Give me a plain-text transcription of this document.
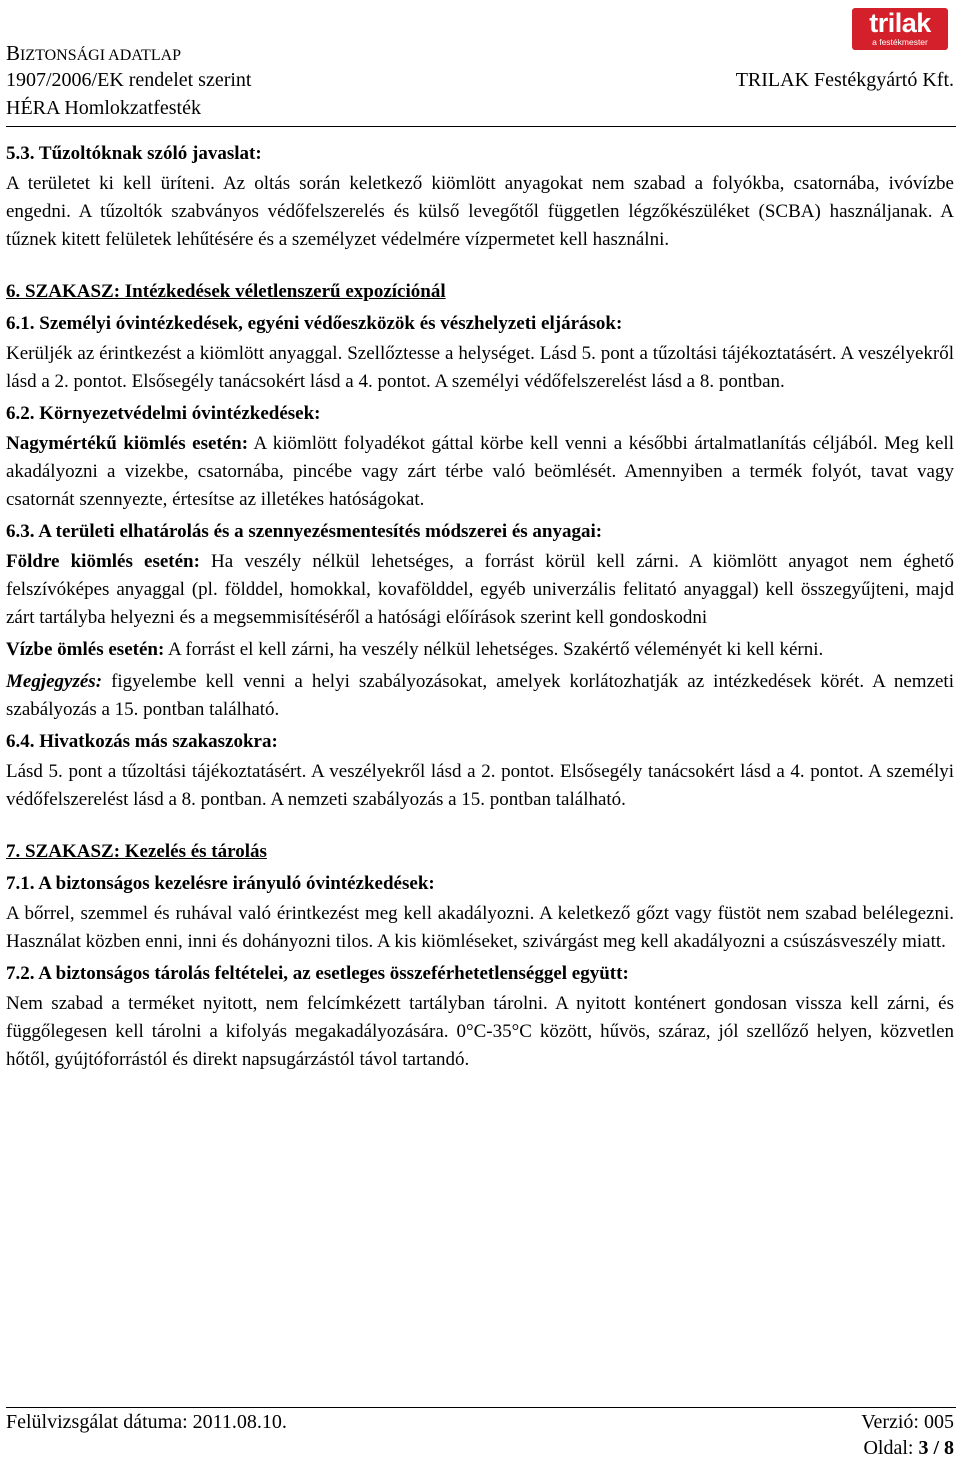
BIZTONSÁGI ADATLAP
1907/2006/EK rendelet szerint
HÉRA Homlokzatfesték
TRILAK Festékgyártó Kft.
trilak
a festékmester

5.3. Tűzoltóknak szóló javaslat:

A területet ki kell üríteni. Az oltás során keletkező kiömlött anyagokat nem szabad a folyókba, csatornába, ivóvízbe engedni. A tűzoltók szabványos védőfelszerelés és külső levegőtől független légzőkészüléket (SCBA) használjanak. A tűznek kitett felületek lehűtésére és a személyzet védelmére vízpermetet kell használni.

6. SZAKASZ: Intézkedések véletlenszerű expozíciónál

6.1. Személyi óvintézkedések, egyéni védőeszközök és vészhelyzeti eljárások:

Kerüljék az érintkezést a kiömlött anyaggal. Szellőztesse a helységet. Lásd 5. pont a tűzoltási tájékoztatásért. A veszélyekről lásd a 2. pontot. Elsősegély tanácsokért lásd a 4. pontot. A személyi védőfelszerelést lásd a 8. pontban.

6.2. Környezetvédelmi óvintézkedések:

Nagymértékű kiömlés esetén: A kiömlött folyadékot gáttal körbe kell venni a későbbi ártalmatlanítás céljából. Meg kell akadályozni a vizekbe, csatornába, pincébe vagy zárt térbe való beömlését. Amennyiben a termék folyót, tavat vagy csatornát szennyezte, értesítse az illetékes hatóságokat.

6.3. A területi elhatárolás és a szennyezésmentesítés módszerei és anyagai:

Földre kiömlés esetén: Ha veszély nélkül lehetséges, a forrást körül kell zárni. A kiömlött anyagot nem éghető felszívóképes anyaggal (pl. földdel, homokkal, kovafölddel, egyéb univerzális felitató anyaggal) kell összegyűjteni, majd zárt tartályba helyezni és a megsemmisítéséről a hatósági előírások szerint kell gondoskodni

Vízbe ömlés esetén: A forrást el kell zárni, ha veszély nélkül lehetséges. Szakértő véleményét ki kell kérni.

Megjegyzés: figyelembe kell venni a helyi szabályozásokat, amelyek korlátozhatják az intézkedések körét. A nemzeti szabályozás a 15. pontban található.

6.4. Hivatkozás más szakaszokra:

Lásd 5. pont a tűzoltási tájékoztatásért. A veszélyekről lásd a 2. pontot. Elsősegély tanácsokért lásd a 4. pontot. A személyi védőfelszerelést lásd a 8. pontban. A nemzeti szabályozás a 15. pontban található.

7. SZAKASZ: Kezelés és tárolás

7.1. A biztonságos kezelésre irányuló óvintézkedések:

A bőrrel, szemmel és ruhával való érintkezést meg kell akadályozni. A keletkező gőzt vagy füstöt nem szabad belélegezni. Használat közben enni, inni és dohányozni tilos. A kis kiömléseket, szivárgást meg kell akadályozni a csúszásveszély miatt.

7.2. A biztonságos tárolás feltételei, az esetleges összeférhetetlenséggel együtt:

Nem szabad a terméket nyitott, nem felcímkézett tartályban tárolni. A nyitott konténert gondosan vissza kell zárni, és függőlegesen kell tárolni a kifolyás megakadályozására. 0°C-35°C között, hűvös, száraz, jól szellőző helyen, közvetlen hőtől, gyújtóforrástól és direkt napsugárzástól távol tartandó.

Felülvizsgálat dátuma: 2011.08.10.	Verzió: 005
Oldal: 3 / 8
